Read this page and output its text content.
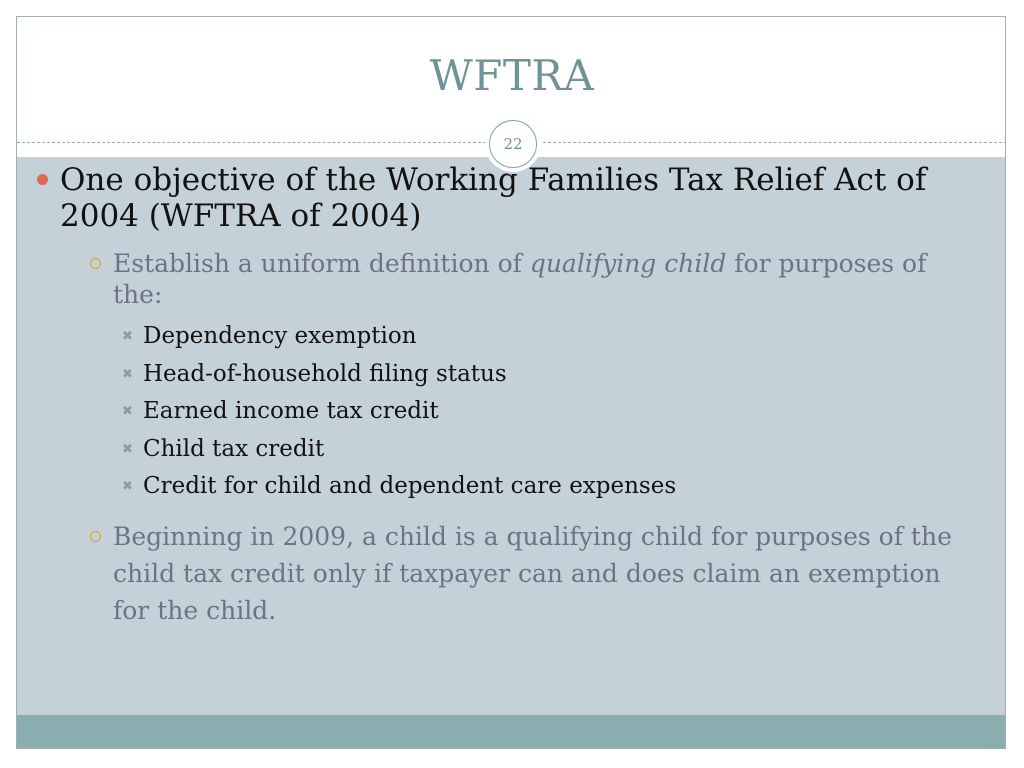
WFTRA
22
One objective of the Working Families Tax Relief Act of 2004 (WFTRA of 2004)
Establish a uniform definition of qualifying child for purposes of the:
✖ Dependency exemption
✖ Head-of-household filing status
✖ Earned income tax credit
✖ Child tax credit
✖ Credit for child and dependent care expenses
Beginning in 2009, a child is a qualifying child for purposes of the child tax credit only if taxpayer can and does claim an exemption for the child.
